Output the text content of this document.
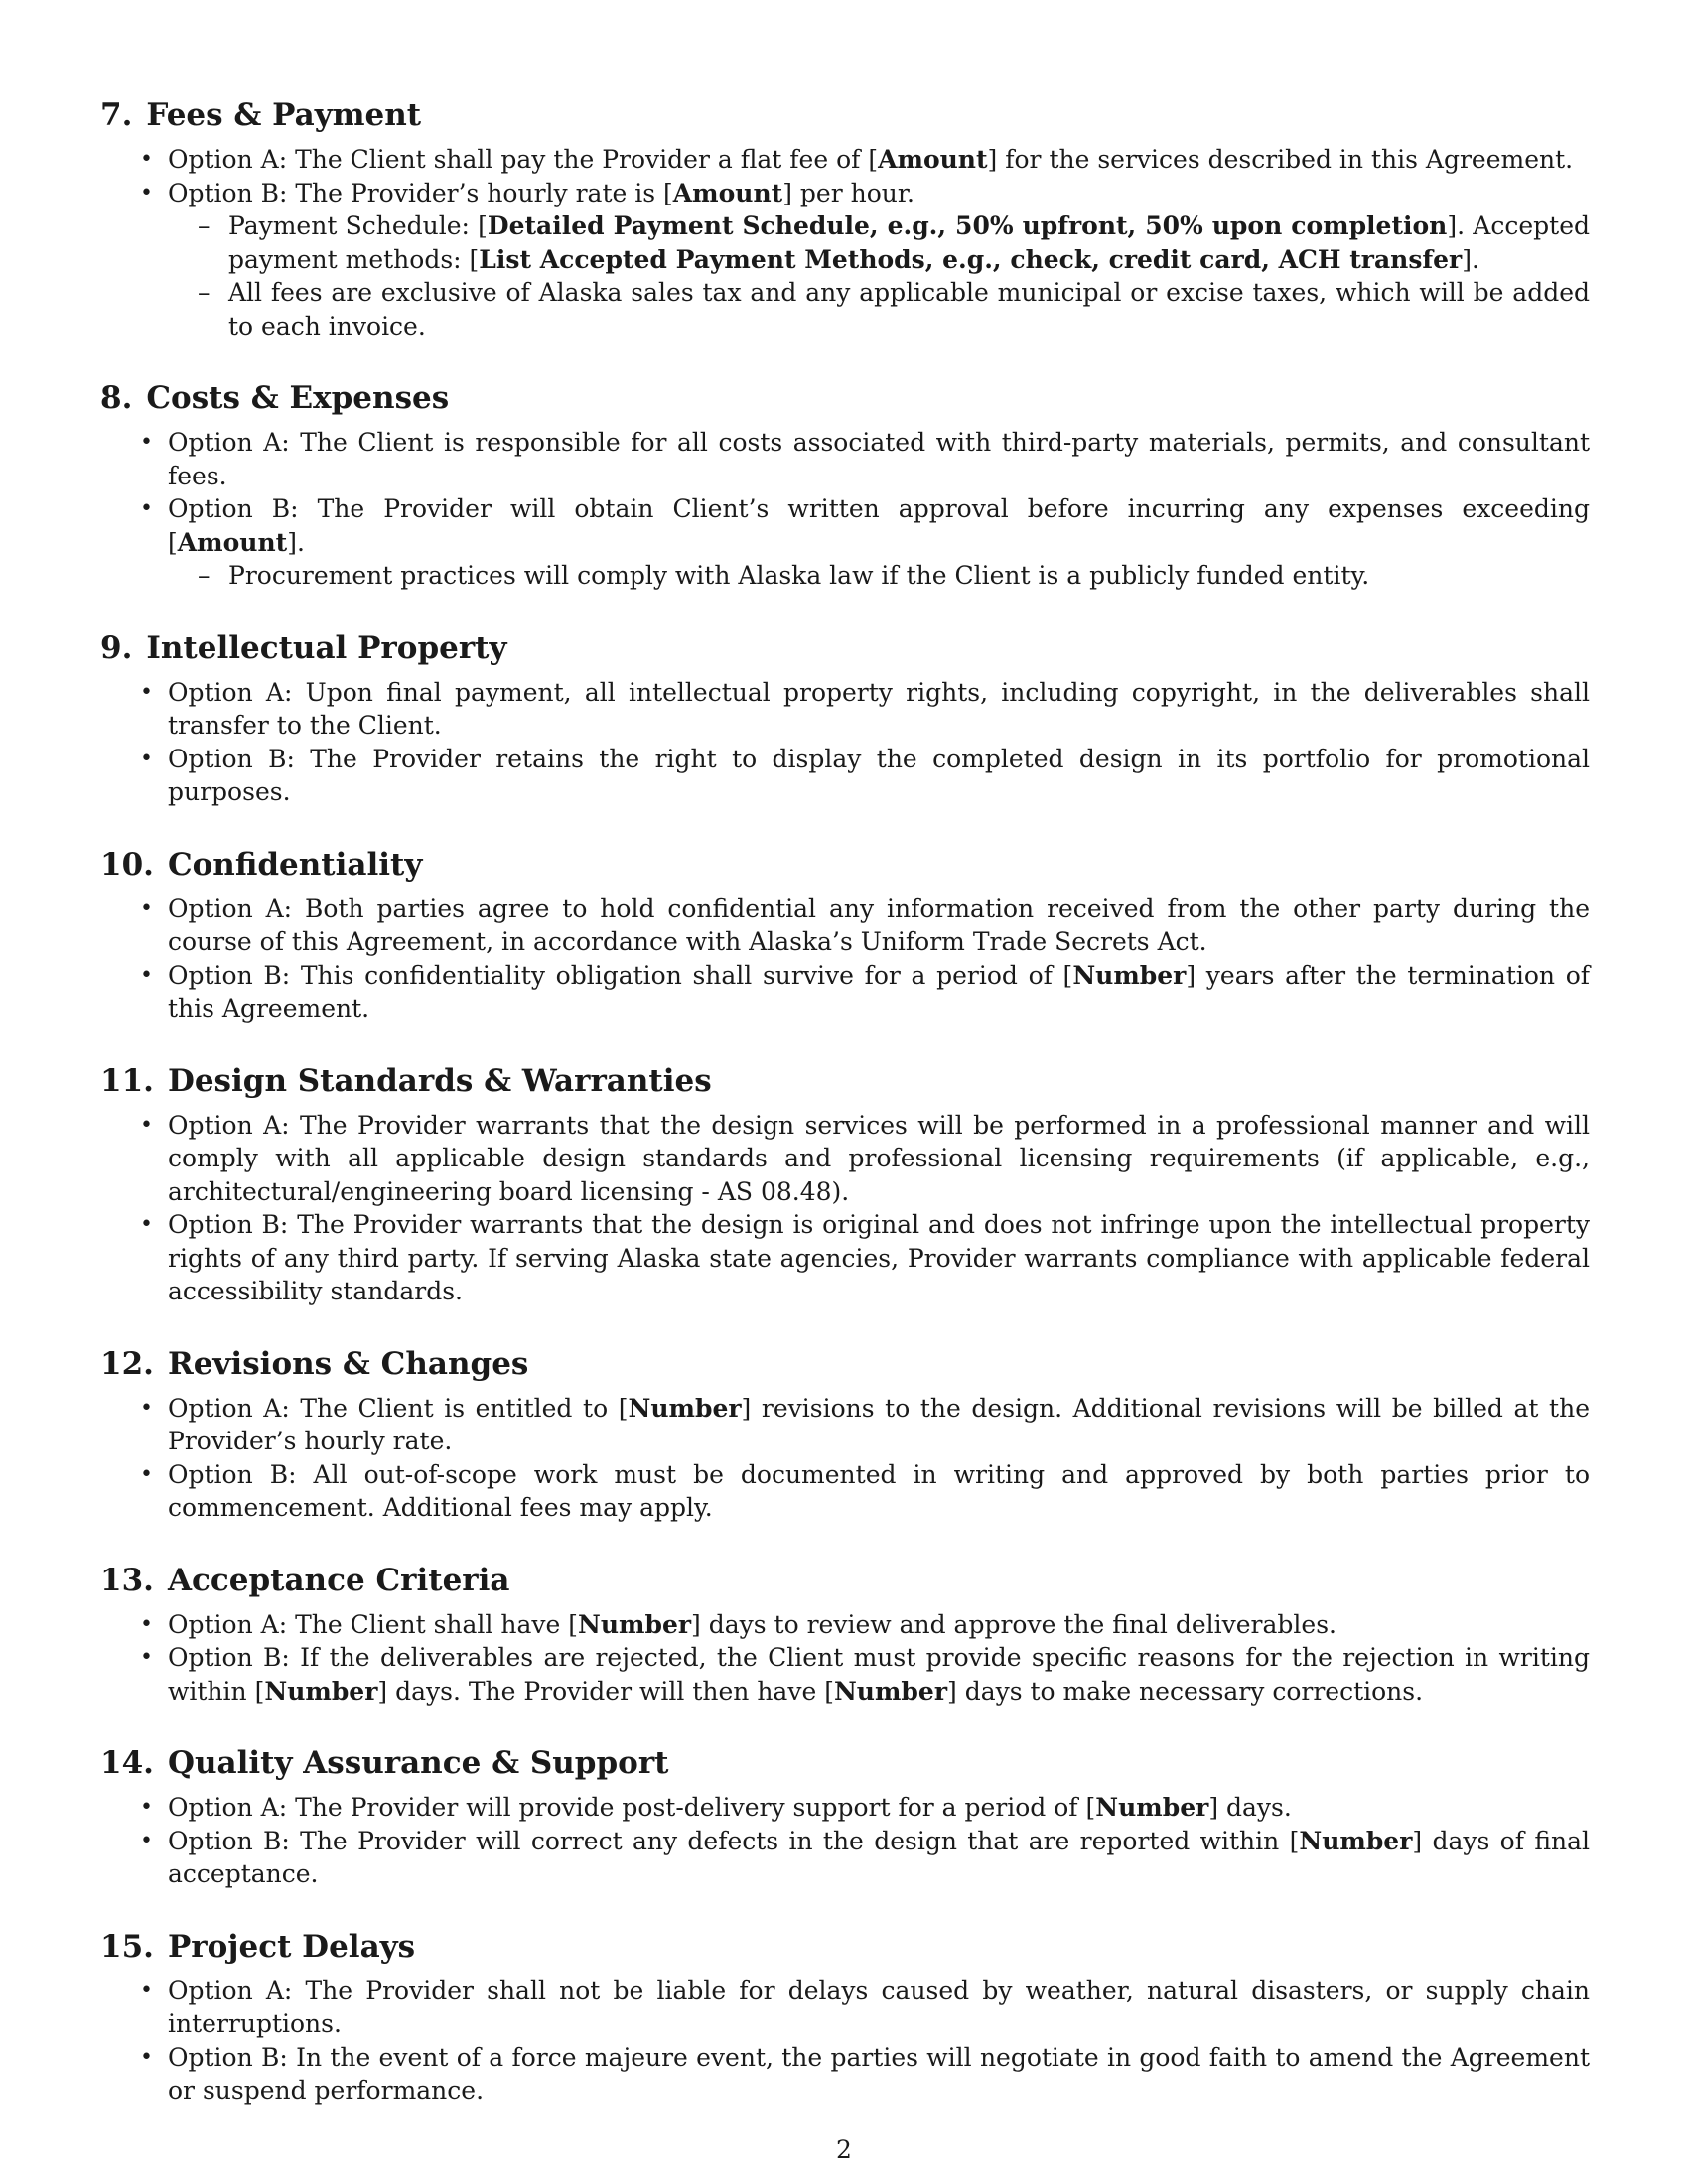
7. Fees & Payment
• Option A: The Client shall pay the Provider a flat fee of [Amount] for the services described in this Agreement.
• Option B: The Provider’s hourly rate is [Amount] per hour.
– Payment Schedule: [Detailed Payment Schedule, e.g., 50% upfront, 50% upon completion]. Accepted payment methods: [List Accepted Payment Methods, e.g., check, credit card, ACH transfer].
– All fees are exclusive of Alaska sales tax and any applicable municipal or excise taxes, which will be added to each invoice.
8. Costs & Expenses
• Option A: The Client is responsible for all costs associated with third-party materials, permits, and consultant fees.
• Option B: The Provider will obtain Client’s written approval before incurring any expenses exceeding [Amount].
– Procurement practices will comply with Alaska law if the Client is a publicly funded entity.
9. Intellectual Property
• Option A: Upon final payment, all intellectual property rights, including copyright, in the deliverables shall transfer to the Client.
• Option B: The Provider retains the right to display the completed design in its portfolio for promotional purposes.
10. Confidentiality
• Option A: Both parties agree to hold confidential any information received from the other party during the course of this Agreement, in accordance with Alaska’s Uniform Trade Secrets Act.
• Option B: This confidentiality obligation shall survive for a period of [Number] years after the termination of this Agreement.
11. Design Standards & Warranties
• Option A: The Provider warrants that the design services will be performed in a professional manner and will comply with all applicable design standards and professional licensing requirements (if applicable, e.g., architectural/engineering board licensing - AS 08.48).
• Option B: The Provider warrants that the design is original and does not infringe upon the intellectual property rights of any third party. If serving Alaska state agencies, Provider warrants compliance with applicable federal accessibility standards.
12. Revisions & Changes
• Option A: The Client is entitled to [Number] revisions to the design. Additional revisions will be billed at the Provider’s hourly rate.
• Option B: All out-of-scope work must be documented in writing and approved by both parties prior to commencement. Additional fees may apply.
13. Acceptance Criteria
• Option A: The Client shall have [Number] days to review and approve the final deliverables.
• Option B: If the deliverables are rejected, the Client must provide specific reasons for the rejection in writing within [Number] days. The Provider will then have [Number] days to make necessary corrections.
14. Quality Assurance & Support
• Option A: The Provider will provide post-delivery support for a period of [Number] days.
• Option B: The Provider will correct any defects in the design that are reported within [Number] days of final acceptance.
15. Project Delays
• Option A: The Provider shall not be liable for delays caused by weather, natural disasters, or supply chain interruptions.
• Option B: In the event of a force majeure event, the parties will negotiate in good faith to amend the Agreement or suspend performance.
2
